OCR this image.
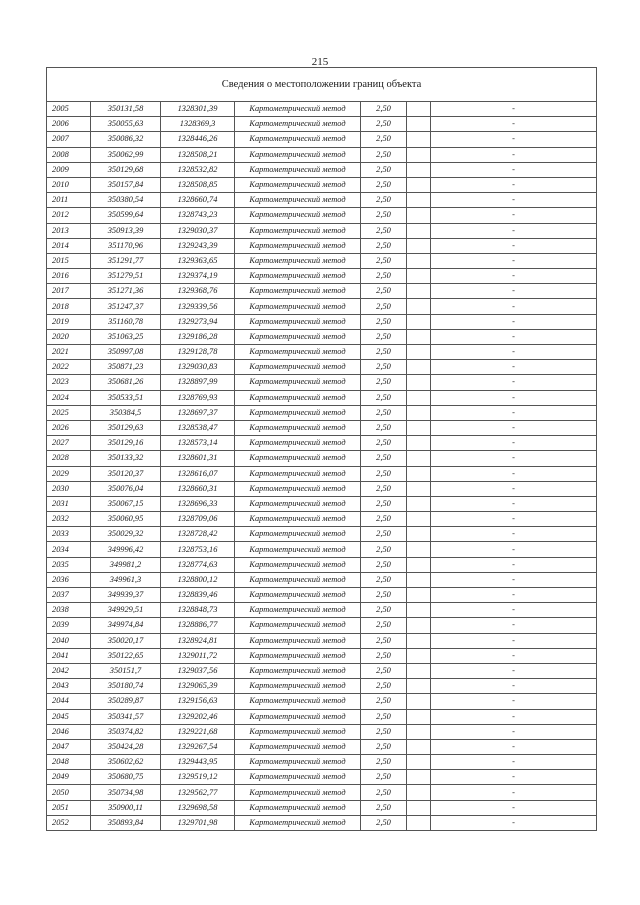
215
Сведения о местоположении границ объекта						
2005	350131,58	1328301,39	Картометрический метод	2,50		-
2006	350055,63	1328369,3	Картометрический метод	2,50		-
2007	350086,32	1328446,26	Картометрический метод	2,50		-
2008	350062,99	1328508,21	Картометрический метод	2,50		-
2009	350129,68	1328532,82	Картометрический метод	2,50		-
2010	350157,84	1328508,85	Картометрический метод	2,50		-
2011	350380,54	1328660,74	Картометрический метод	2,50		-
2012	350599,64	1328743,23	Картометрический метод	2,50		-
2013	350913,39	1329030,37	Картометрический метод	2,50		-
2014	351170,96	1329243,39	Картометрический метод	2,50		-
2015	351291,77	1329363,65	Картометрический метод	2,50		-
2016	351279,51	1329374,19	Картометрический метод	2,50		-
2017	351271,36	1329368,76	Картометрический метод	2,50		-
2018	351247,37	1329339,56	Картометрический метод	2,50		-
2019	351160,78	1329273,94	Картометрический метод	2,50		-
2020	351063,25	1329186,28	Картометрический метод	2,50		-
2021	350997,08	1329128,78	Картометрический метод	2,50		-
2022	350871,23	1329030,83	Картометрический метод	2,50		-
2023	350681,26	1328897,99	Картометрический метод	2,50		-
2024	350533,51	1328769,93	Картометрический метод	2,50		-
2025	350384,5	1328697,37	Картометрический метод	2,50		-
2026	350129,63	1328538,47	Картометрический метод	2,50		-
2027	350129,16	1328573,14	Картометрический метод	2,50		-
2028	350133,32	1328601,31	Картометрический метод	2,50		-
2029	350120,37	1328616,07	Картометрический метод	2,50		-
2030	350076,04	1328660,31	Картометрический метод	2,50		-
2031	350067,15	1328696,33	Картометрический метод	2,50		-
2032	350060,95	1328709,06	Картометрический метод	2,50		-
2033	350029,32	1328728,42	Картометрический метод	2,50		-
2034	349996,42	1328753,16	Картометрический метод	2,50		-
2035	349981,2	1328774,63	Картометрический метод	2,50		-
2036	349961,3	1328800,12	Картометрический метод	2,50		-
2037	349939,37	1328839,46	Картометрический метод	2,50		-
2038	349929,51	1328848,73	Картометрический метод	2,50		-
2039	349974,84	1328886,77	Картометрический метод	2,50		-
2040	350020,17	1328924,81	Картометрический метод	2,50		-
2041	350122,65	1329011,72	Картометрический метод	2,50		-
2042	350151,7	1329037,56	Картометрический метод	2,50		-
2043	350180,74	1329065,39	Картометрический метод	2,50		-
2044	350289,87	1329156,63	Картометрический метод	2,50		-
2045	350341,57	1329202,46	Картометрический метод	2,50		-
2046	350374,82	1329221,68	Картометрический метод	2,50		-
2047	350424,28	1329267,54	Картометрический метод	2,50		-
2048	350602,62	1329443,95	Картометрический метод	2,50		-
2049	350680,75	1329519,12	Картометрический метод	2,50		-
2050	350734,98	1329562,77	Картометрический метод	2,50		-
2051	350900,11	1329698,58	Картометрический метод	2,50		-
2052	350893,84	1329701,98	Картометрический метод	2,50		-
